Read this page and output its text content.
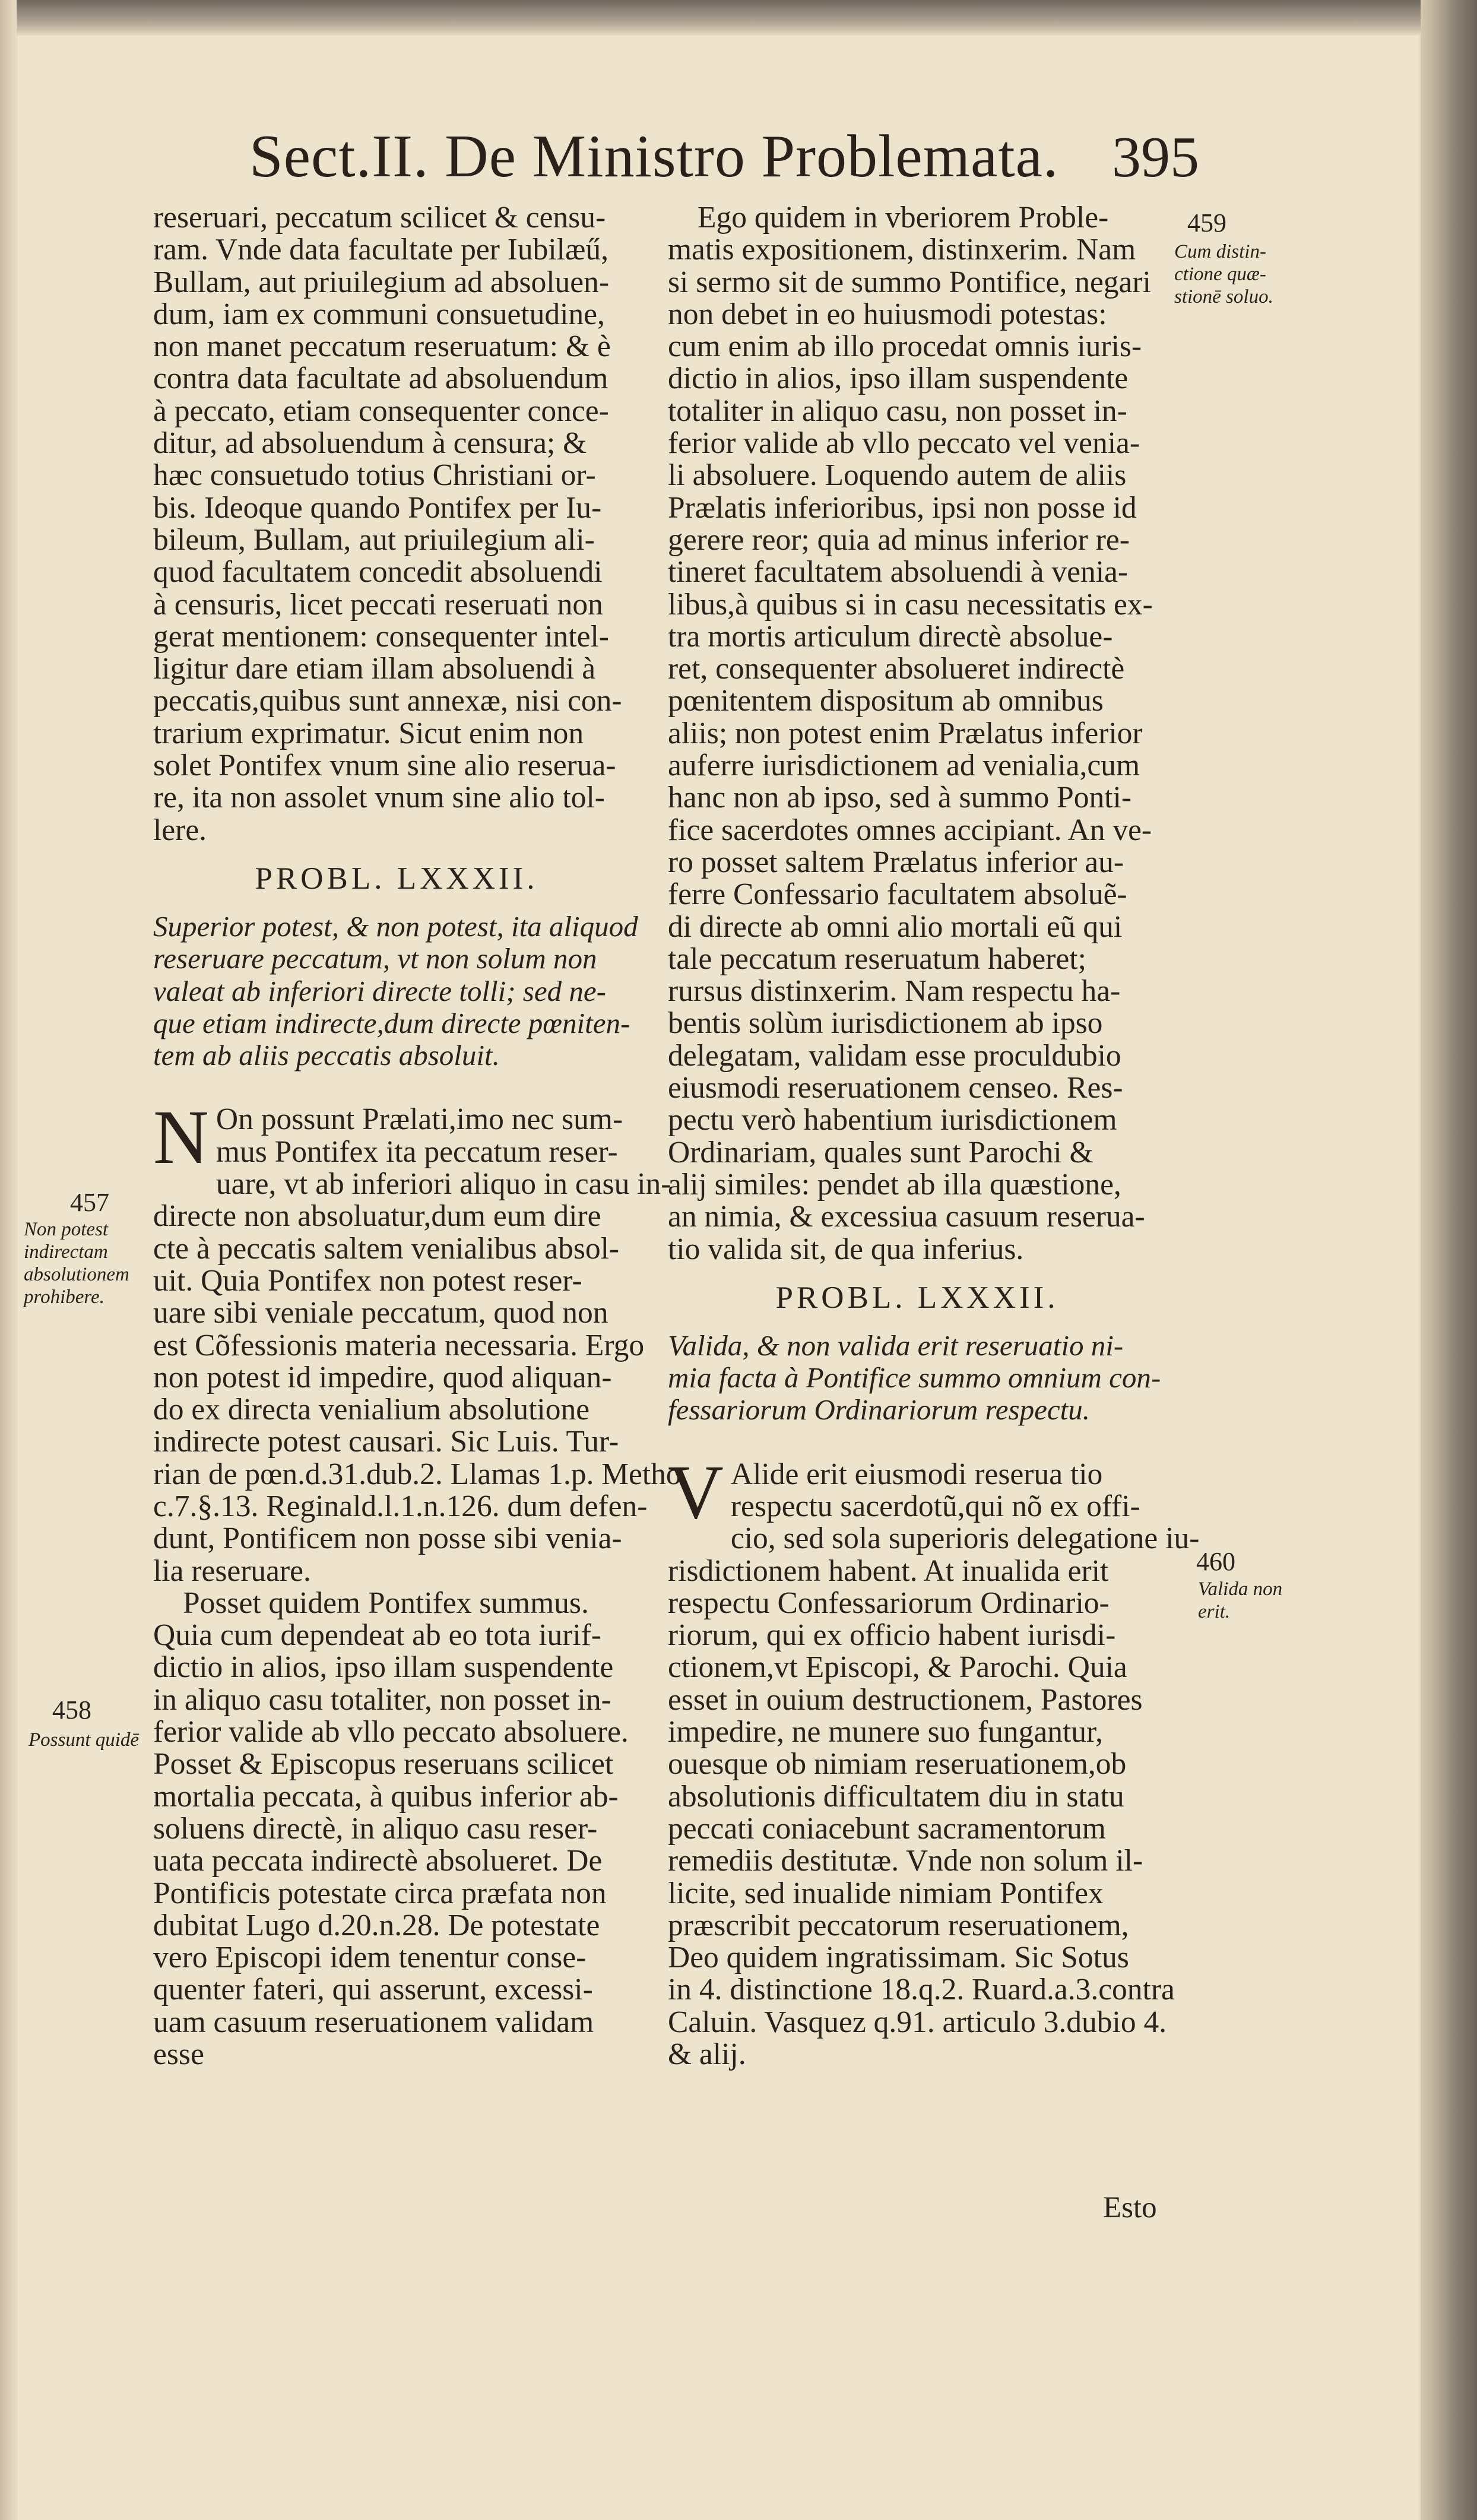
Sect.II. De Ministro Problemata. 395
reseruari, peccatum scilicet & censu-
ram. Vnde data facultate per Iubilæű,
Bullam, aut priuilegium ad absoluen-
dum, iam ex communi consuetudine,
non manet peccatum reseruatum: & è
contra data facultate ad absoluendum
à peccato, etiam consequenter conce-
ditur, ad absoluendum à censura; &
hæc consuetudo totius Christiani or-
bis. Ideoque quando Pontifex per Iu-
bileum, Bullam, aut priuilegium ali-
quod facultatem concedit absoluendi
à censuris, licet peccati reseruati non
gerat mentionem: consequenter intel-
ligitur dare etiam illam absoluendi à
peccatis,quibus sunt annexæ, nisi con-
trarium exprimatur. Sicut enim non
solet Pontifex vnum sine alio reserua-
re, ita non assolet vnum sine alio tol-
lere.
PROBL. LXXXII.
Superior potest, & non potest, ita aliquod
reseruare peccatum, vt non solum non
valeat ab inferiori directe tolli; sed ne-
que etiam indirecte,dum directe pœniten-
tem ab aliis peccatis absoluit.
N On possunt Prælati,imo nec sum-
mus Pontifex ita peccatum reser-
uare, vt ab inferiori aliquo in casu in-
directe non absoluatur,dum eum dire
cte à peccatis saltem venialibus absol-
uit. Quia Pontifex non potest reser-
uare sibi veniale peccatum, quod non
est Cõfessionis materia necessaria. Ergo
non potest id impedire, quod aliquan-
do ex directa venialium absolutione
indirecte potest causari. Sic Luis. Tur-
rian de pœn.d.31.dub.2. Llamas 1.p. Metho.
c.7.§.13. Reginald.l.1.n.126. dum defen-
dunt, Pontificem non posse sibi venia-
lia reseruare.
Posset quidem Pontifex summus.
Quia cum dependeat ab eo tota iurif-
dictio in alios, ipso illam suspendente
in aliquo casu totaliter, non posset in-
ferior valide ab vllo peccato absoluere.
Posset & Episcopus reseruans scilicet
mortalia peccata, à quibus inferior ab-
soluens directè, in aliquo casu reser-
uata peccata indirectè absolueret. De
Pontificis potestate circa præfata non
dubitat Lugo d.20.n.28. De potestate
vero Episcopi idem tenentur conse-
quenter fateri, qui asserunt, excessi-
uam casuum reseruationem validam
esse
Ego quidem in vberiorem Proble-
matis expositionem, distinxerim. Nam
si sermo sit de summo Pontifice, negari
non debet in eo huiusmodi potestas:
cum enim ab illo procedat omnis iuris-
dictio in alios, ipso illam suspendente
totaliter in aliquo casu, non posset in-
ferior valide ab vllo peccato vel venia-
li absoluere. Loquendo autem de aliis
Prælatis inferioribus, ipsi non posse id
gerere reor; quia ad minus inferior re-
tineret facultatem absoluendi à venia-
libus,à quibus si in casu necessitatis ex-
tra mortis articulum directè absolue-
ret, consequenter absolueret indirectè
pœnitentem dispositum ab omnibus
aliis; non potest enim Prælatus inferior
auferre iurisdictionem ad venialia,cum
hanc non ab ipso, sed à summo Ponti-
fice sacerdotes omnes accipiant. An ve-
ro posset saltem Prælatus inferior au-
ferre Confessario facultatem absoluẽ-
di directe ab omni alio mortali eũ qui
tale peccatum reseruatum haberet;
rursus distinxerim. Nam respectu ha-
bentis solùm iurisdictionem ab ipso
delegatam, validam esse proculdubio
eiusmodi reseruationem censeo. Res-
pectu verò habentium iurisdictionem
Ordinariam, quales sunt Parochi &
alij similes: pendet ab illa quæstione,
an nimia, & excessiua casuum reserua-
tio valida sit, de qua inferius.
PROBL. LXXXII.
Valida, & non valida erit reseruatio ni-
mia facta à Pontifice summo omnium con-
fessariorum Ordinariorum respectu.
V Alide erit eiusmodi reserua tio
respectu sacerdotũ,qui nõ ex offi-
cio, sed sola superioris delegatione iu-
risdictionem habent. At inualida erit
respectu Confessariorum Ordinario-
riorum, qui ex officio habent iurisdi-
ctionem,vt Episcopi, & Parochi. Quia
esset in ouium destructionem, Pastores
impedire, ne munere suo fungantur,
ouesque ob nimiam reseruationem,ob
absolutionis difficultatem diu in statu
peccati coniacebunt sacramentorum
remediis destitutæ. Vnde non solum il-
licite, sed inualide nimiam Pontifex
præscribit peccatorum reseruationem,
Deo quidem ingratissimam. Sic Sotus
in 4. distinctione 18.q.2. Ruard.a.3.contra
Caluin. Vasquez q.91. articulo 3.dubio 4.
& alij.
Esto
457
Non potest
indirectam
absolutionem
prohibere.
458
Possunt quidē
459
Cum distin-
ctione quæ-
stionē soluo.
460
Valida non
erit.
